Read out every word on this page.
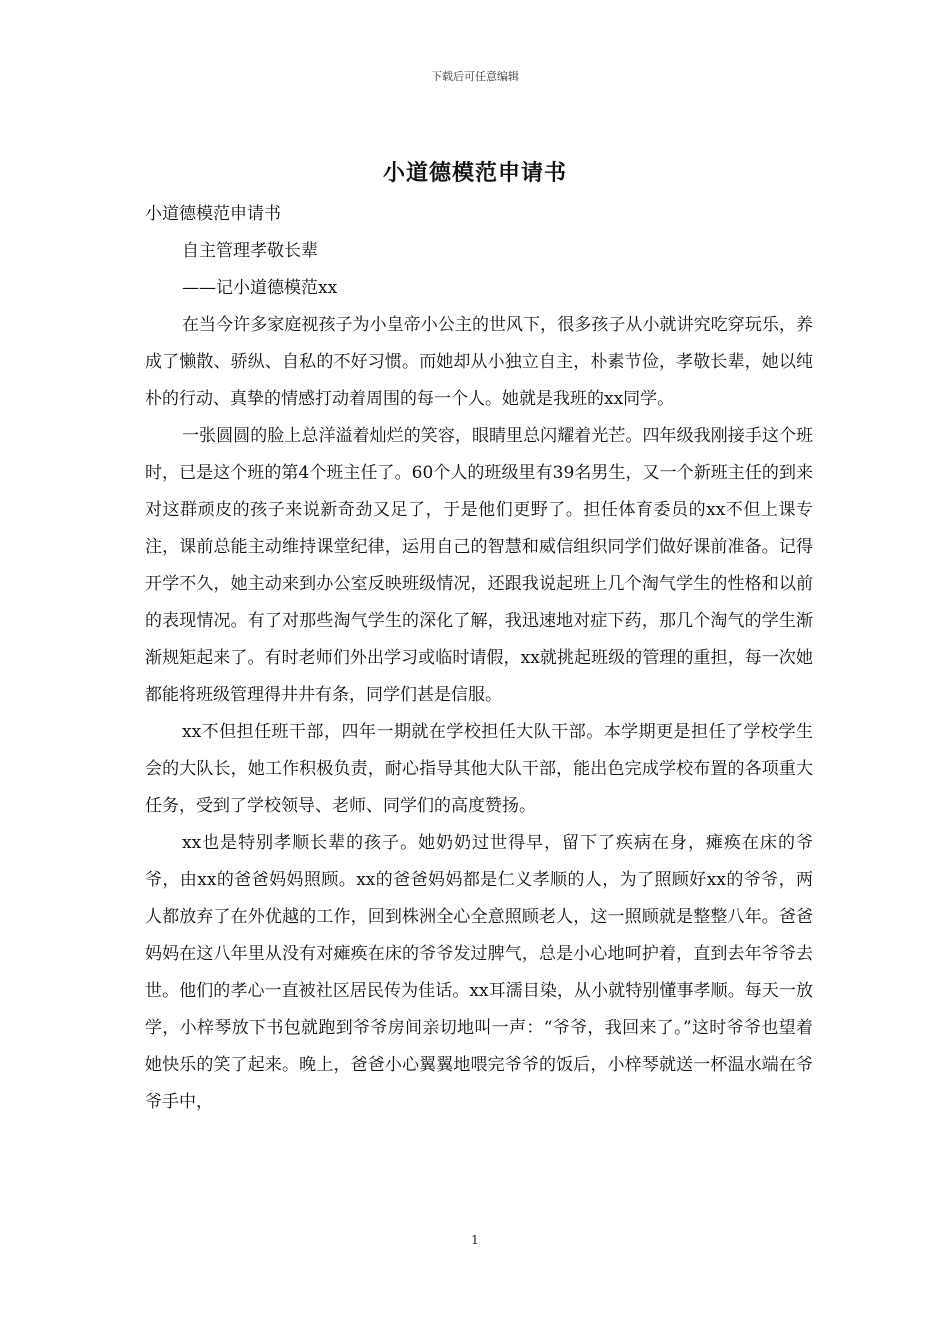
下载后可任意编辑
小道德模范申请书

小道德模范申请书

自主管理孝敬长辈

——记小道德模范xx

在当今许多家庭视孩子为小皇帝小公主的世风下，很多孩子从小就讲究吃穿玩乐，养成了懒散、骄纵、自私的不好习惯。而她却从小独立自主，朴素节俭，孝敬长辈，她以纯朴的行动、真挚的情感打动着周围的每一个人。她就是我班的xx同学。

一张圆圆的脸上总洋溢着灿烂的笑容，眼睛里总闪耀着光芒。四年级我刚接手这个班时，已是这个班的第4个班主任了。60个人的班级里有39名男生，又一个新班主任的到来对这群顽皮的孩子来说新奇劲又足了，于是他们更野了。担任体育委员的xx不但上课专注，课前总能主动维持课堂纪律，运用自己的智慧和威信组织同学们做好课前准备。记得开学不久，她主动来到办公室反映班级情况，还跟我说起班上几个淘气学生的性格和以前的表现情况。有了对那些淘气学生的深化了解，我迅速地对症下药，那几个淘气的学生渐渐规矩起来了。有时老师们外出学习或临时请假，xx就挑起班级的管理的重担，每一次她都能将班级管理得井井有条，同学们甚是信服。

xx不但担任班干部，四年一期就在学校担任大队干部。本学期更是担任了学校学生会的大队长，她工作积极负责，耐心指导其他大队干部，能出色完成学校布置的各项重大任务，受到了学校领导、老师、同学们的高度赞扬。

xx也是特别孝顺长辈的孩子。她奶奶过世得早，留下了疾病在身，瘫痪在床的爷爷，由xx的爸爸妈妈照顾。xx的爸爸妈妈都是仁义孝顺的人，为了照顾好xx的爷爷，两人都放弃了在外优越的工作，回到株洲全心全意照顾老人，这一照顾就是整整八年。爸爸妈妈在这八年里从没有对瘫痪在床的爷爷发过脾气，总是小心地呵护着，直到去年爷爷去世。他们的孝心一直被社区居民传为佳话。xx耳濡目染，从小就特别懂事孝顺。每天一放学，小梓琴放下书包就跑到爷爷房间亲切地叫一声：“爷爷，我回来了。”这时爷爷也望着她快乐的笑了起来。晚上，爸爸小心翼翼地喂完爷爷的饭后，小梓琴就送一杯温水端在爷爷手中，

1
